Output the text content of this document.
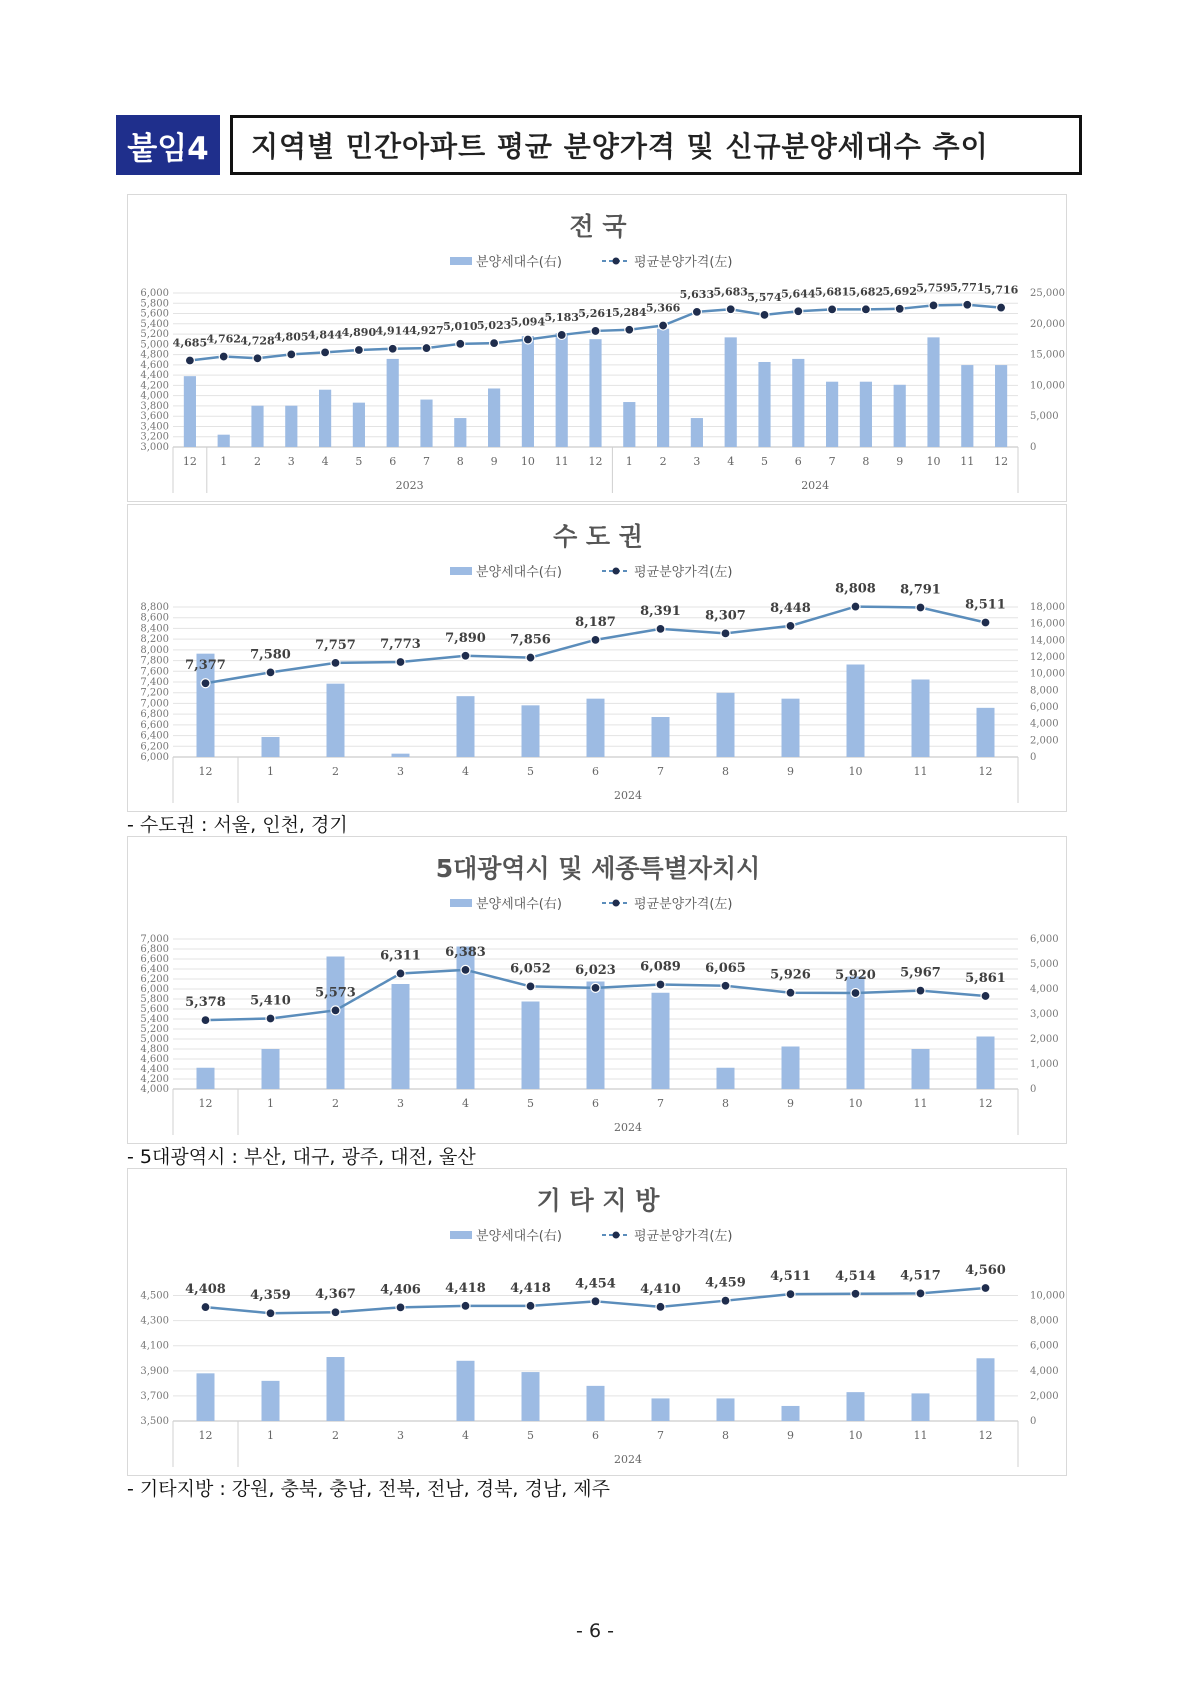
붙임4	지역별 민간아파트 평균 분양가격 및 신규분양세대수 추이
전 국
분양세대수(右)	평균분양가격(左)
6,000
5,800
5,600
5,400
5,200
5,000
4,800
4,600
4,400
4,200
4,000
3,800
3,600
3,400
3,200
3,000
25,000
20,000
15,000
10,000
5,000
0
4,685 4,762 4,728 4,805 4,844 4,890 4,914 4,927 5,010 5,023 5,094 5,183 5,261 5,284 5,366
5,633 5,683 5,574 5,644 5,681 5,682 5,692 5,759 5,771 5,716
12 1 2 3 4 5 6 7 8 9 10 11 12 1 2 3 4 5 6 7 8 9 10 11 12
2023	2024
수 도 권
분양세대수(右)	평균분양가격(左)
8,800
8,600
8,400
8,200
8,000
7,800
7,600
7,400
7,200
7,000
6,800
6,600
6,400
6,200
6,000
18,000
16,000
14,000
12,000
10,000
8,000
6,000
4,000
2,000
0
7,377
7,580
7,757 7,773 7,890 7,856
8,187
8,391 8,307
8,448
8,808 8,791
8,511
12	1	2	3	4	5	6	7	8	9	10	11	12
2024
- 수도권 : 서울, 인천, 경기
5대광역시 및 세종특별자치시
분양세대수(右)	평균분양가격(左)
7,000
6,800
6,600
6,400
6,200
6,000
5,800
5,600
5,400
5,200
5,000
4,800
4,600
4,400
4,200
4,000
6,000
5,000
4,000
3,000
2,000
1,000
0
5,378 5,410
5,573
6,311 6,383
6,052 6,023 6,089 6,065 5,926 5,920 5,967 5,861
12	1	2	3	4	5	6	7	8	9	10	11	12
2024
- 5대광역시 : 부산, 대구, 광주, 대전, 울산
기 타 지 방
분양세대수(右)	평균분양가격(左)
4,500
4,300
4,100
3,900
3,700
3,500
10,000
8,000
6,000
4,000
2,000
0
4,408 4,359 4,367 4,406 4,418 4,418 4,454 4,410 4,459 4,511 4,514 4,517 4,560
12	1	2	3	4	5	6	7	8	9	10	11	12
2024
- 기타지방 : 강원, 충북, 충남, 전북, 전남, 경북, 경남, 제주
- 6 -
